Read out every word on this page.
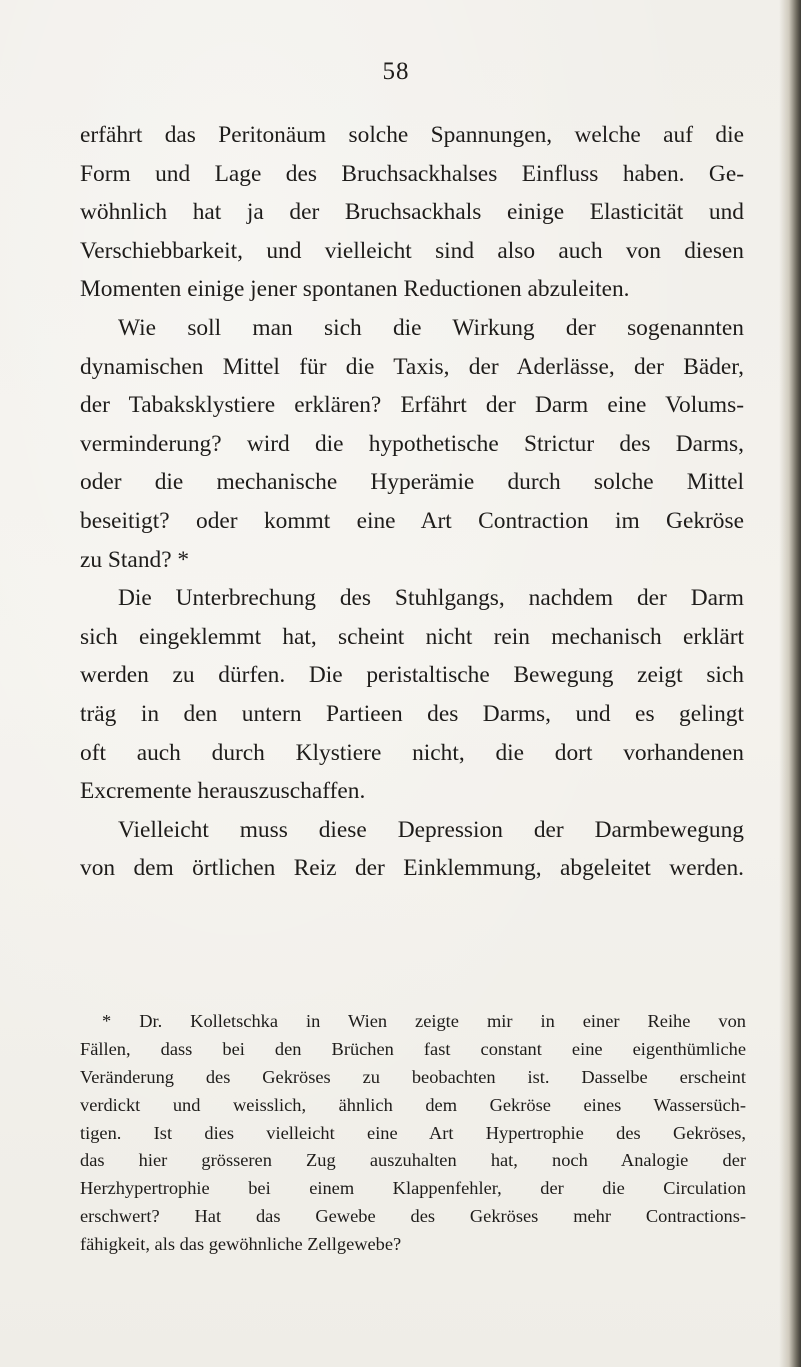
58
erfährt das Peritonäum solche Spannungen, welche auf die
Form und Lage des Bruchsackhalses Einfluss haben. Ge-
wöhnlich hat ja der Bruchsackhals einige Elasticität und
Verschiebbarkeit, und vielleicht sind also auch von diesen
Momenten einige jener spontanen Reductionen abzuleiten.
Wie soll man sich die Wirkung der sogenannten
dynamischen Mittel für die Taxis, der Aderlässe, der Bäder,
der Tabaksklystiere erklären? Erfährt der Darm eine Volums-
verminderung? wird die hypothetische Strictur des Darms,
oder die mechanische Hyperämie durch solche Mittel
beseitigt? oder kommt eine Art Contraction im Gekröse
zu Stand? *
Die Unterbrechung des Stuhlgangs, nachdem der Darm
sich eingeklemmt hat, scheint nicht rein mechanisch erklärt
werden zu dürfen. Die peristaltische Bewegung zeigt sich
träg in den untern Partieen des Darms, und es gelingt
oft auch durch Klystiere nicht, die dort vorhandenen
Excremente herauszuschaffen.
Vielleicht muss diese Depression der Darmbewegung
von dem örtlichen Reiz der Einklemmung, abgeleitet werden.
* Dr. Kolletschka in Wien zeigte mir in einer Reihe von
Fällen, dass bei den Brüchen fast constant eine eigenthümliche
Veränderung des Gekröses zu beobachten ist. Dasselbe erscheint
verdickt und weisslich, ähnlich dem Gekröse eines Wassersüch-
tigen. Ist dies vielleicht eine Art Hypertrophie des Gekröses,
das hier grösseren Zug auszuhalten hat, noch Analogie der
Herzhypertrophie bei einem Klappenfehler, der die Circulation
erschwert? Hat das Gewebe des Gekröses mehr Contractions-
fähigkeit, als das gewöhnliche Zellgewebe?
